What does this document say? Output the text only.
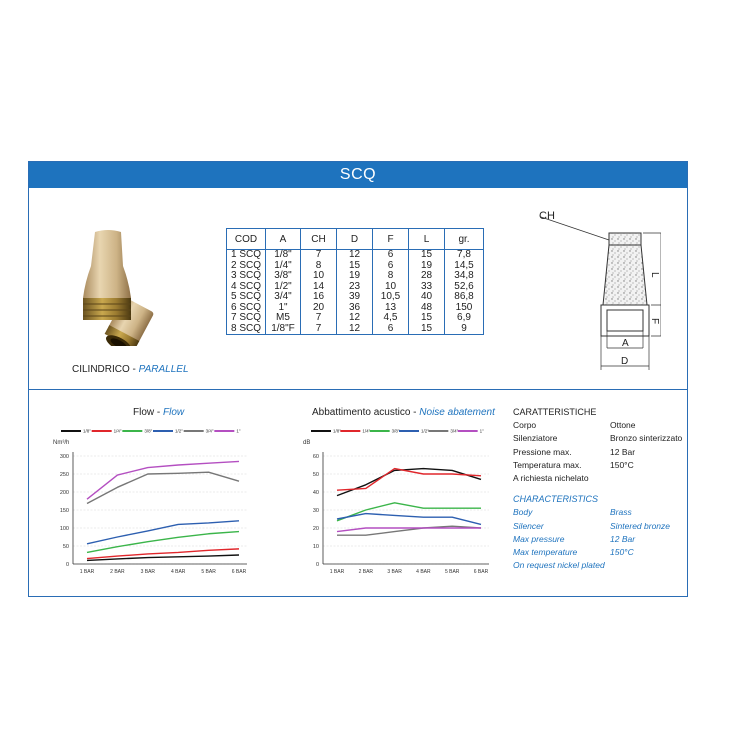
SCQ
CILINDRICO - PARALLEL
COD	A	CH	D	F	L	gr.
1 SCQ	1/8"	7	12	6	15	7,8
2 SCQ	1/4"	8	15	6	19	14,5
3 SCQ	3/8"	10	19	8	28	34,8
4 SCQ	1/2"	14	23	10	33	52,6
5 SCQ	3/4"	16	39	10,5	40	86,8
6 SCQ	1"	20	36	13	48	150
7 SCQ	M5	7	12	4,5	15	6,9
8 SCQ	1/8"F	7	12	6	15	9
CH
L
F
A
D
Flow - Flow	Abbattimento acustico - Noise abatement
1/8"	1/4"	3/8"	1/2"	3/4"	1"
Nm³/h
0
50
100
150
200
250
300
1 BAR	2 BAR	3 BAR	4 BAR	5 BAR	6 BAR
1/8"	1/4"	3/8"	1/2"	3/4"	1"
dB
0
10
20
30
40
50
60
1 BAR	2 BAR	3 BAR	4 BAR	5 BAR	6 BAR
CARATTERISTICHE
Corpo	Ottone
Silenziatore	Bronzo sinterizzato
Pressione max.	12 Bar
Temperatura max.	150°C
A richiesta nichelato
CHARACTERISTICS
Body	Brass
Silencer	Sintered bronze
Max pressure	12 Bar
Max temperature	150°C
On request nickel plated
